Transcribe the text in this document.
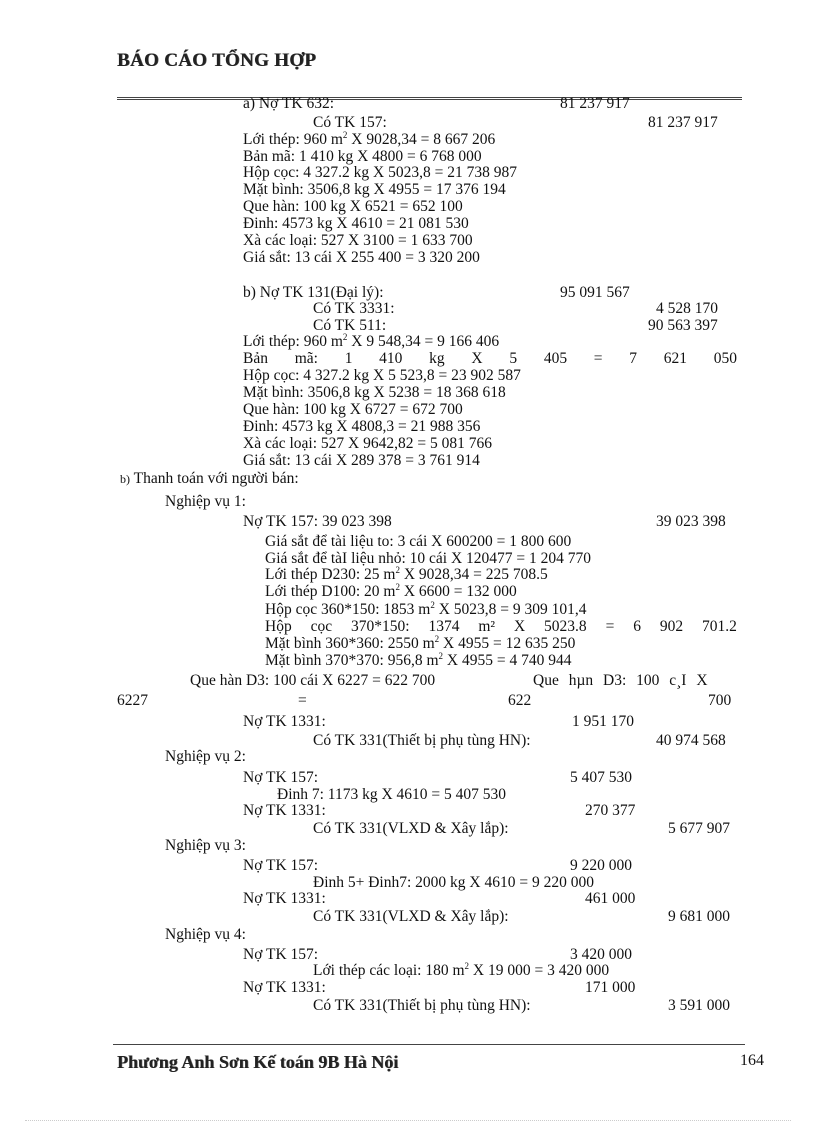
BÁO CÁO TỔNG HỢP
a) Nợ TK 632:	81 237 917
Có TK 157:	81 237 917
Lới thép: 960 $m^2$ X 9028,34 = 8 667 206
Bản mã: 1 410 kg X 4800 = 6 768 000
Hộp cọc: 4 327.2 kg X 5023,8 = 21 738 987
Mặt bình: 3506,8 kg X 4955 = 17 376 194
Que hàn: 100 kg X 6521 = 652 100
Đinh: 4573 kg X 4610 = 21 081 530
Xà các loại: 527 X 3100 = 1 633 700
Giá sắt: 13 cái X 255 400 = 3 320 200
b) Nợ TK 131(Đại lý):	95 091 567
Có TK 3331:	4 528 170
Có TK 511:	90 563 397
Lới thép: 960 $m^2$ X 9 548,34 = 9 166 406
Bản mã: 1 410 kg X 5 405 = 7 621 050
Hộp cọc: 4 327.2 kg X 5 523,8 = 23 902 587
Mặt bình: 3506,8 kg X 5238 = 18 368 618
Que hàn: 100 kg X 6727 = 672 700
Đinh: 4573 kg X 4808,3 = 21 988 356
Xà các loại: 527 X 9642,82 = 5 081 766
Giá sắt: 13 cái X 289 378 = 3 761 914
b) Thanh toán với người bán:
Nghiệp vụ 1:
Nợ TK 157: 39 023 398	39 023 398
Giá sắt để tài liệu to: 3 cái X 600200 = 1 800 600
Giá sắt để tàI liệu nhỏ: 10 cái X 120477 = 1 204 770
Lới thép D230: 25 $m^2$ X 9028,34 = 225 708.5
Lới thép D100: 20 $m^2$ X 6600 = 132 000
Hộp cọc 360*150: 1853 $m^2$ X 5023,8 = 9 309 101,4
Hộp cọc 370*150: 1374 m² X 5023.8 = 6 902 701.2
Mặt bình 360*360: 2550 $m^2$ X 4955 = 12 635 250
Mặt bình 370*370: 956,8 $m^2$ X 4955 = 4 740 944
Que hàn D3: 100 cái X 6227 = 622 700	Que hµn D3: 100 c¸I X
6227	=	622	700
Nợ TK 1331:	1 951 170
Có TK 331(Thiết bị phụ tùng HN):	40 974 568
Nghiệp vụ 2:
Nợ TK 157:	5 407 530
Đinh 7: 1173 kg X 4610 = 5 407 530
Nợ TK 1331:	270 377
Có TK 331(VLXD & Xây lắp):	5 677 907
Nghiệp vụ 3:
Nợ TK 157:	9 220 000
Đinh 5+ Đinh7: 2000 kg X 4610 = 9 220 000
Nợ TK 1331:	461 000
Có TK 331(VLXD & Xây lắp):	9 681 000
Nghiệp vụ 4:
Nợ TK 157:	3 420 000
Lới thép các loại: 180 $m^2$ X 19 000 = 3 420 000
Nợ TK 1331:	171 000
Có TK 331(Thiết bị phụ tùng HN):	3 591 000
Phương Anh Sơn Kế toán 9B Hà Nội	164
